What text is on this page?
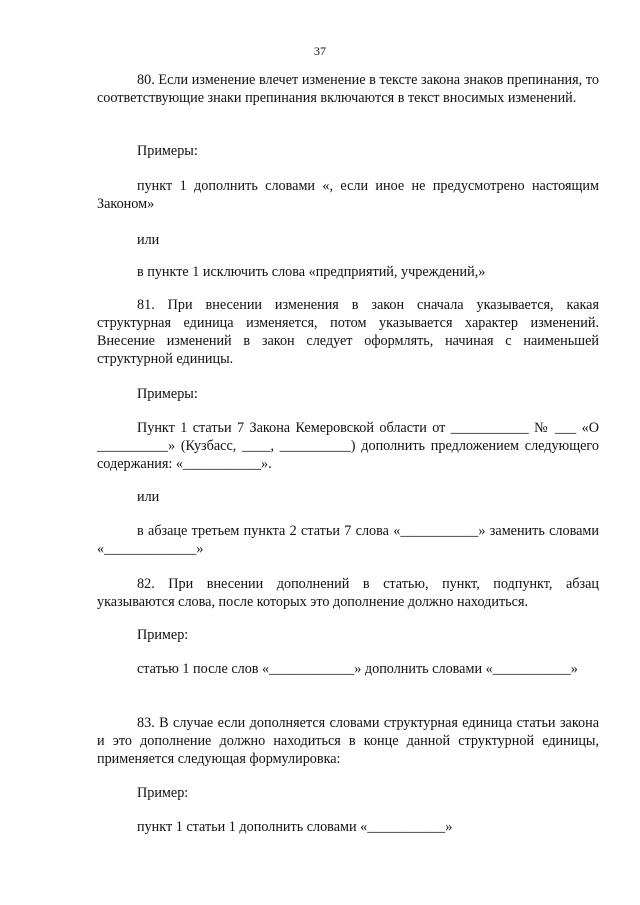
37

80. Если изменение влечет изменение в тексте закона знаков препинания, то соответствующие знаки препинания включаются в текст вносимых изменений.

Примеры:

пункт 1 дополнить словами «, если иное не предусмотрено настоящим Законом»

или

в пункте 1 исключить слова «предприятий, учреждений,»

81. При внесении изменения в закон сначала указывается, какая структурная единица изменяется, потом указывается характер изменений. Внесение изменений в закон следует оформлять, начиная с наименьшей структурной единицы.

Примеры:

Пункт 1 статьи 7 Закона Кемеровской области от ___________ № ___ «О __________» (Кузбасс, ____, __________) дополнить предложением следующего содержания: «___________».

или

в абзаце третьем пункта 2 статьи 7 слова «___________» заменить словами «_____________»

82. При внесении дополнений в статью, пункт, подпункт, абзац указываются слова, после которых это дополнение должно находиться.

Пример:

статью 1 после слов «____________» дополнить словами «___________»

83. В случае если дополняется словами структурная единица статьи закона и это дополнение должно находиться в конце данной структурной единицы, применяется следующая формулировка:

Пример:

пункт 1 статьи 1 дополнить словами «___________»
